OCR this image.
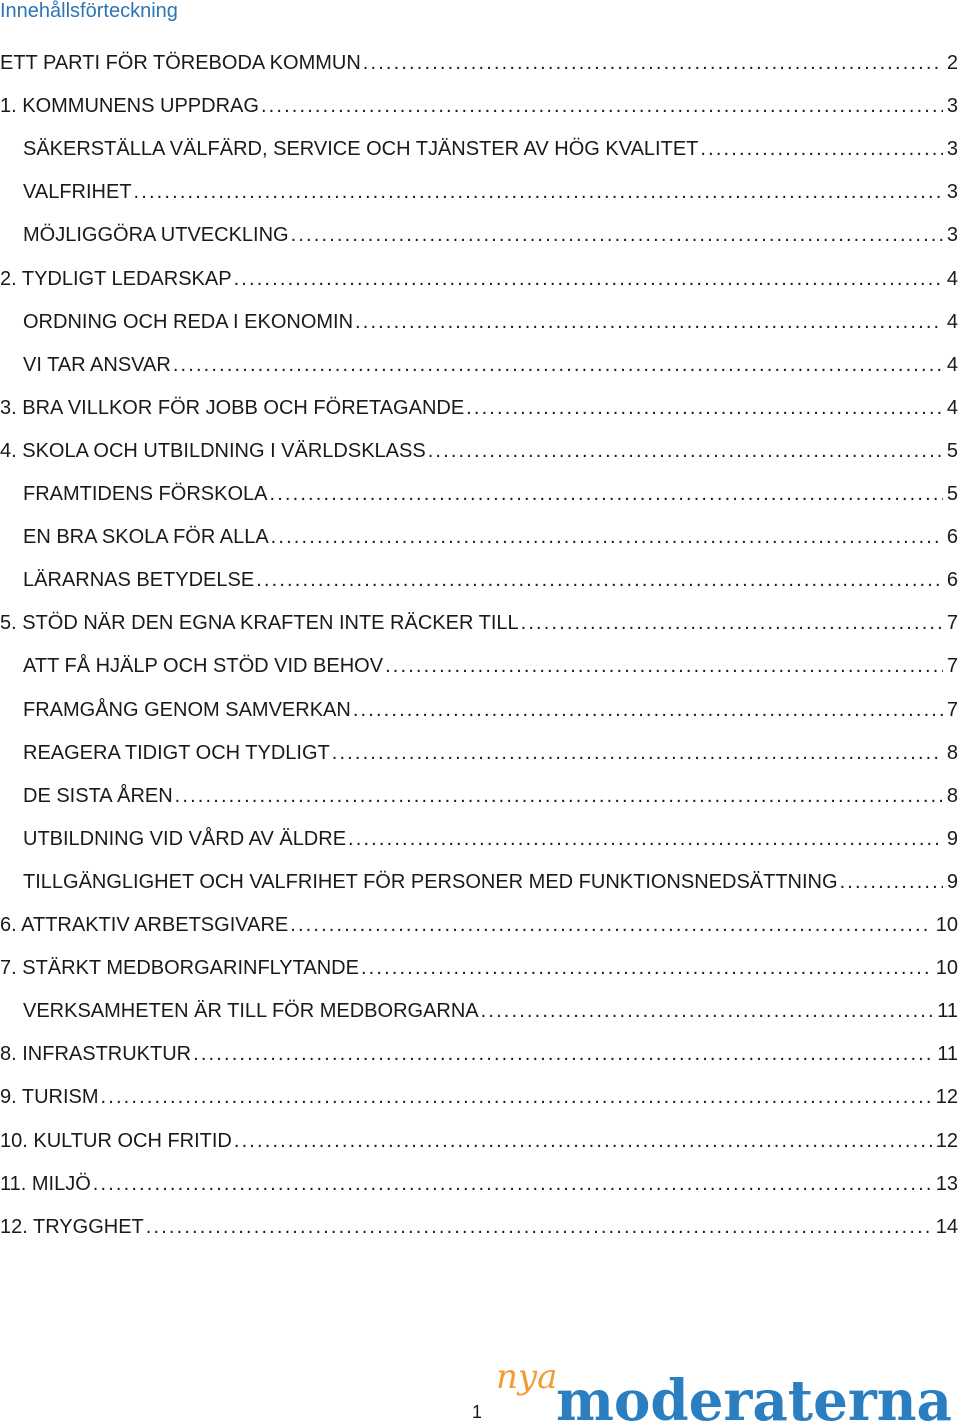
Innehållsförteckning
ETT PARTI FÖR TÖREBODA KOMMUN . . .	2
1. KOMMUNENS UPPDRAG . . .	3
SÄKERSTÄLLA VÄLFÄRD, SERVICE OCH TJÄNSTER AV HÖG KVALITET . . .	3
VALFRIHET . . .	3
MÖJLIGGÖRA UTVECKLING . . .	3
2. TYDLIGT LEDARSKAP . . .	4
ORDNING OCH REDA I EKONOMIN . . .	4
VI TAR ANSVAR . . .	4
3. BRA VILLKOR FÖR JOBB OCH FÖRETAGANDE . . .	4
4. SKOLA OCH UTBILDNING I VÄRLDSKLASS . . .	5
FRAMTIDENS FÖRSKOLA . . .	5
EN BRA SKOLA FÖR ALLA . . .	6
LÄRARNAS BETYDELSE . . .	6
5. STÖD NÄR DEN EGNA KRAFTEN INTE RÄCKER TILL . . .	7
ATT FÅ HJÄLP OCH STÖD VID BEHOV . . .	7
FRAMGÅNG GENOM SAMVERKAN . . .	7
REAGERA TIDIGT OCH TYDLIGT . . .	8
DE SISTA ÅREN . . .	8
UTBILDNING VID VÅRD AV ÄLDRE . . .	9
TILLGÄNGLIGHET OCH VALFRIHET FÖR PERSONER MED FUNKTIONSNEDSÄTTNING . . .	9
6. ATTRAKTIV ARBETSGIVARE . . .	10
7. STÄRKT MEDBORGARINFLYTANDE . . .	10
VERKSAMHETEN ÄR TILL FÖR MEDBORGARNA . . .	11
8. INFRASTRUKTUR . . .	11
9. TURISM . . .	12
10. KULTUR OCH FRITID . . .	12
11. MILJÖ . . .	13
12. TRYGGHET . . .	14
1
nya
moderaterna
